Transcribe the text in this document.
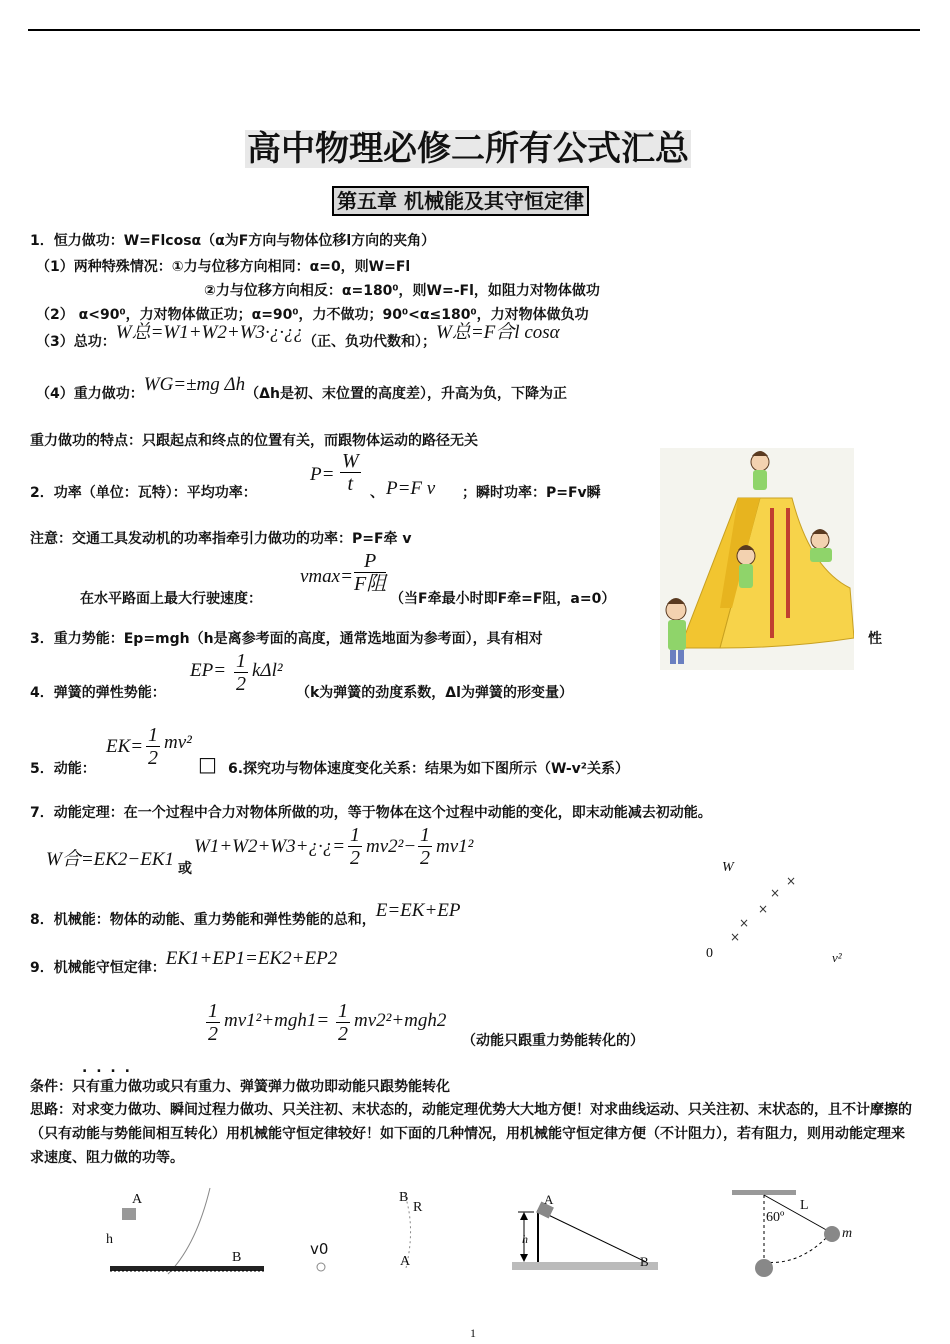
高中物理必修二所有公式汇总
第五章 机械能及其守恒定律
1．恒力做功：W=Flcosα（α为F方向与物体位移l方向的夹角）
（1）两种特殊情况：①力与位移方向相同：α=0，则W=Fl
②力与位移方向相反：α=180⁰，则W=-Fl，如阻力对物体做功
（2） α<90⁰，力对物体做正功；α=90⁰，力不做功；90⁰<α≤180⁰，力对物体做负功
（3）总功：W总=W1+W2+W3·¿·¿¿（正、负功代数和）；W总=F合l cosα
（4）重力做功：WG=±mg Δh（Δh是初、末位置的高度差），升高为负，下降为正
重力做功的特点：只跟起点和终点的位置有关，而跟物体运动的路径无关
2．功率（单位：瓦特）：平均功率：
$P= \frac{W}{t}$ 、 P=F v ；瞬时功率：P=Fv瞬
注意：交通工具发动机的功率指牵引力做功的功率：P=F牵 v
在水平路面上最大行驶速度：
vmax=
P
F阻
（当F牵最小时即F牵=F阻，a=0）
3．重力势能：Ep=mgh（h是离参考面的高度，通常选地面为参考面），具有相对	性
4．弹簧的弹性势能：
$EP= \frac{1}{2} k\Delta l^2$
（k为弹簧的劲度系数，Δl为弹簧的形变量）
5．动能：
$EK= \frac{1}{2} mv^2$
□ 6.探究功与物体速度变化关系：结果为如下图所示（W-v²关系）
7．动能定理：在一个过程中合力对物体所做的功，等于物体在这个过程中动能的变化，即末动能减去初动能。
W合=EK2−EK1 或
W1+W2+W3+¿·¿= $\frac{1}{2} mv2^2- \frac{1}{2} mv1^2$
8．机械能：物体的动能、重力势能和弹性势能的总和，E=EK+EP
9．机械能守恒定律：EK1+EP1=EK2+EP2
$\frac{1}{2} mv1^2+mgh1= \frac{1}{2} mv2^2+mgh2$
（动能只跟重力势能转化的）
. . . .
条件：只有重力做功或只有重力、弹簧弹力做功即动能只跟势能转化
思路：对求变力做功、瞬间过程力做功、只关注初、末状态的，动能定理优势大大地方便！对求曲线运动、只关注初、末状态的，且不计摩擦的（只有动能与势能间相互转化）用机械能守恒定律较好！如下面的几种情况，用机械能守恒定律方便（不计阻力），若有阻力，则用动能定理来求速度、阻力做的功等。
W
0	v²
×
×
×
×
×
A
h
B	v0
B
R
A
A
h
B
L
60º
m
1
